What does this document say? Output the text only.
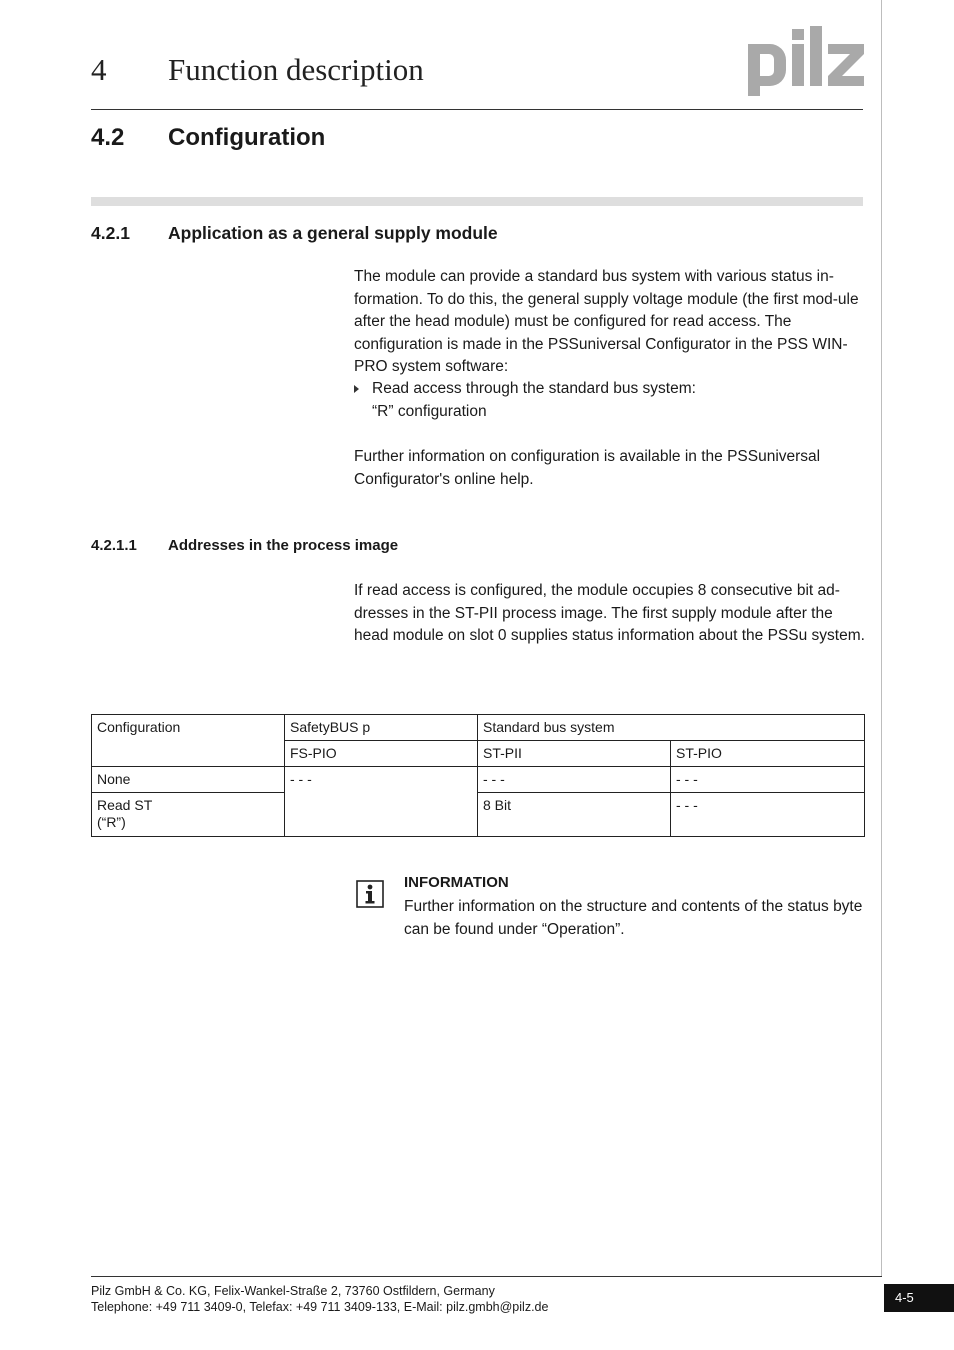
4 Function description
4.2 Configuration
4.2.1 Application as a general supply module
The module can provide a standard bus system with various status in-formation. To do this, the general supply voltage module (the first mod-ule after the head module) must be configured for read access. The configuration is made in the PSSuniversal Configurator in the PSS WIN-PRO system software:
Read access through the standard bus system:
“R” configuration
Further information on configuration is available in the PSSuniversal Configurator's online help.
4.2.1.1 Addresses in the process image
If read access is configured, the module occupies 8 consecutive bit ad-dresses in the ST-PII process image. The first supply module after the head module on slot 0 supplies status information about the PSSu system.
Configuration	SafetyBUS p	Standard bus system	
	FS-PIO	ST-PII	ST-PIO
None	- - -	- - -	- - -

Read ST
(“R”)		8 Bit	- - -
INFORMATION
Further information on the structure and contents of the status byte can be found under “Operation”.
Pilz GmbH & Co. KG, Felix-Wankel-Straße 2, 73760 Ostfildern, Germany
Telephone: +49 711 3409-0, Telefax: +49 711 3409-133, E-Mail: pilz.gmbh@pilz.de
4-5
